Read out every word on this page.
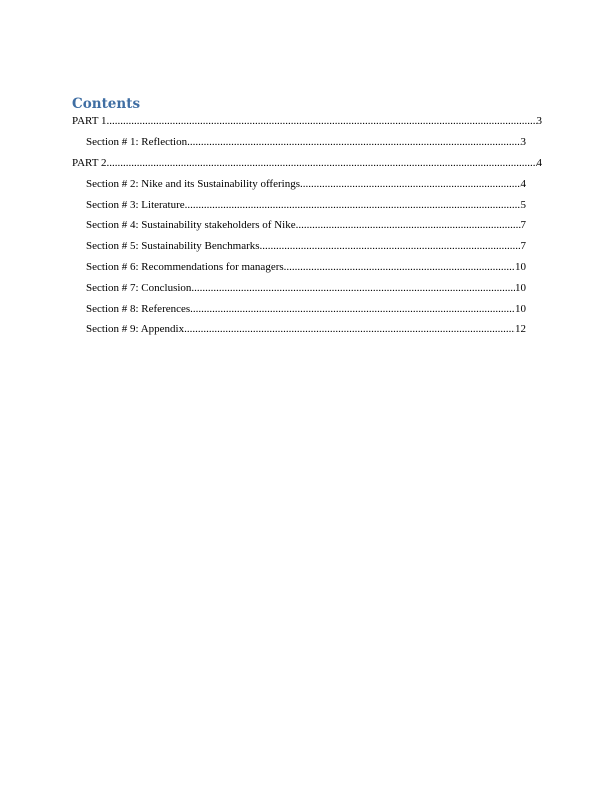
Contents
PART 1 .....	3
Section # 1: Reflection .....	3
PART 2 .....	4
Section # 2: Nike and its Sustainability offerings .....	4
Section # 3: Literature .....	5
Section # 4: Sustainability stakeholders of Nike .....	7
Section # 5: Sustainability Benchmarks .....	7
Section # 6: Recommendations for managers .....	10
Section # 7: Conclusion .....	10
Section # 8: References .....	10
Section # 9: Appendix .....	12
